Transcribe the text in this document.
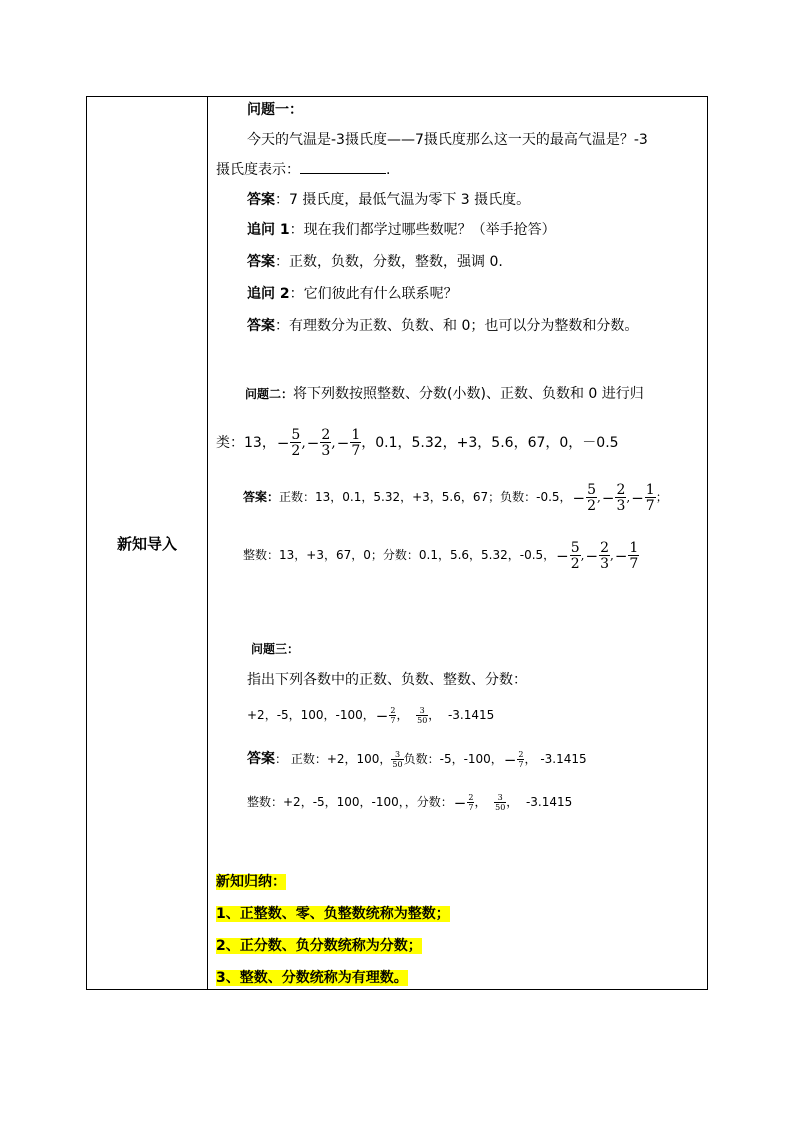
新知导入
问题一：
今天的气温是-3摄氏度——7摄氏度那么这一天的最高气温是？-3
摄氏度表示：	.
答案：7 摄氏度，最低气温为零下 3 摄氏度。
追问 1：现在我们都学过哪些数呢？（举手抢答）
答案：正数，负数，分数，整数，强调 0.
追问 2：它们彼此有什么联系呢？
答案：有理数分为正数、负数、和 0；也可以分为整数和分数。
问题二：将下列数按照整数、分数(小数)、正数、负数和 0 进行归
类：13，− $\frac{5}{2}$ ,− $\frac{2}{3}$ ,− $\frac{1}{7}$ ，0.1，5.32，+3，5.6，67，0，－0.5
答案：正数：13，0.1，5.32，+3，5.6，67；负数：-0.5，− $\frac{5}{2}$ ,− $\frac{2}{3}$ ,− $\frac{1}{7}$ ；
整数：13，+3，67，0；分数：0.1，5.6，5.32，-0.5，− $\frac{5}{2}$ ,− $\frac{2}{3}$ ,− $\frac{1}{7}$
问题三：
指出下列各数中的正数、负数、整数、分数：
+2，-5，100，-100，− $\frac{2}{7}$ ， $\frac{3}{50}$ ，  -3.1415
答案： 正数：+2，100， $\frac{3}{50}$ 负数：-5，-100，− $\frac{2}{7}$ ， -3.1415
整数：+2，-5，100，-100，，分数：− $\frac{2}{7}$ ， $\frac{3}{50}$ ，  -3.1415
新知归纳：
1、正整数、零、负整数统称为整数；
2、正分数、负分数统称为分数；
3、整数、分数统称为有理数。
